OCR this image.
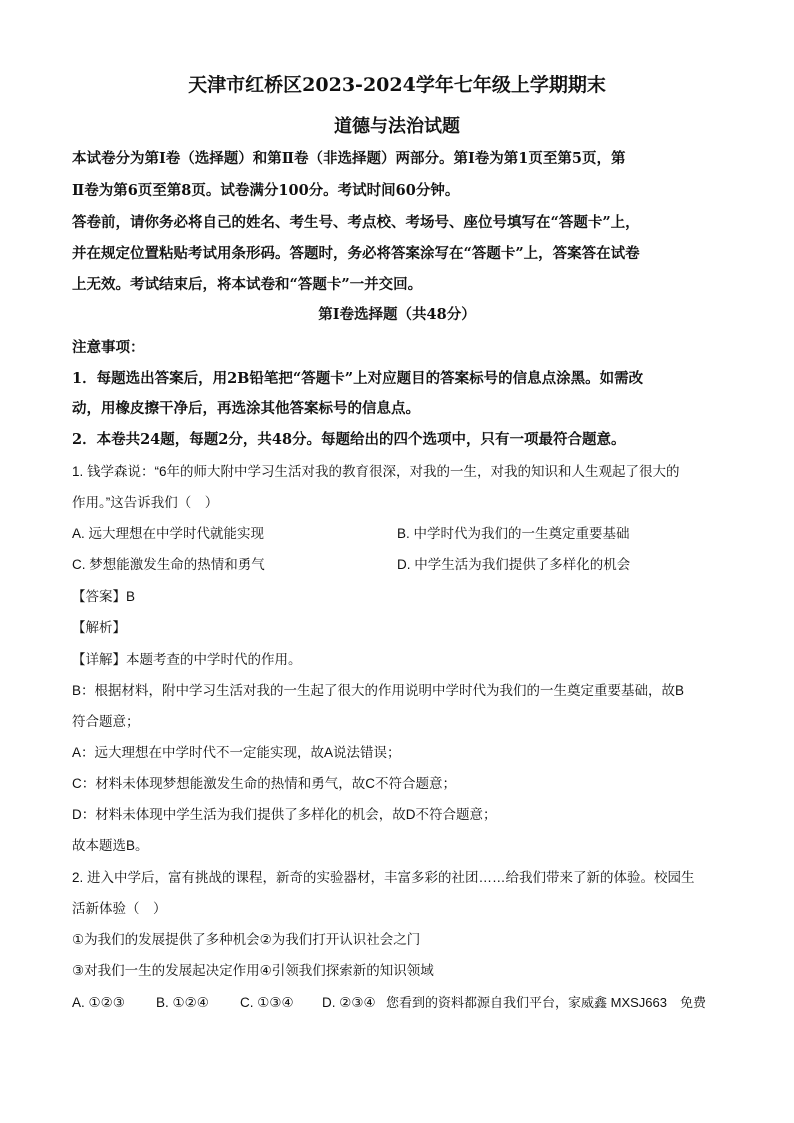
天津市红桥区2023-2024学年七年级上学期期末
道德与法治试题
本试卷分为第Ⅰ卷（选择题）和第Ⅱ卷（非选择题）两部分。第Ⅰ卷为第1页至第5页，第
Ⅱ卷为第6页至第8页。试卷满分100分。考试时间60分钟。
答卷前，请你务必将自己的姓名、考生号、考点校、考场号、座位号填写在“答题卡”上，
并在规定位置粘贴考试用条形码。答题时，务必将答案涂写在“答题卡”上，答案答在试卷
上无效。考试结束后，将本试卷和“答题卡”一并交回。
第Ⅰ卷选择题（共48分）
注意事项：
1．每题选出答案后，用2B铅笔把“答题卡”上对应题目的答案标号的信息点涂黑。如需改
动，用橡皮擦干净后，再选涂其他答案标号的信息点。
2．本卷共24题，每题2分，共48分。每题给出的四个选项中，只有一项最符合题意。
1. 钱学森说：“6年的师大附中学习生活对我的教育很深，对我的一生，对我的知识和人生观起了很大的
作用。”这告诉我们（　）
A. 远大理想在中学时代就能实现	B. 中学时代为我们的一生奠定重要基础
C. 梦想能激发生命的热情和勇气	D. 中学生活为我们提供了多样化的机会
【答案】B
【解析】
【详解】本题考查的中学时代的作用。
B：根据材料，附中学习生活对我的一生起了很大的作用说明中学时代为我们的一生奠定重要基础，故B
符合题意；
A：远大理想在中学时代不一定能实现，故A说法错误；
C：材料未体现梦想能激发生命的热情和勇气，故C不符合题意；
D：材料未体现中学生活为我们提供了多样化的机会，故D不符合题意；
故本题选B。
2. 进入中学后，富有挑战的课程，新奇的实验器材，丰富多彩的社团……给我们带来了新的体验。校园生
活新体验（　）
①为我们的发展提供了多种机会②为我们打开认识社会之门
③对我们一生的发展起决定作用④引领我们探索新的知识领域
A. ①②③ B. ①②④ C. ①③④ D. ②③④ 您看到的资料都源自我们平台，家威鑫 MXSJ663　免费
